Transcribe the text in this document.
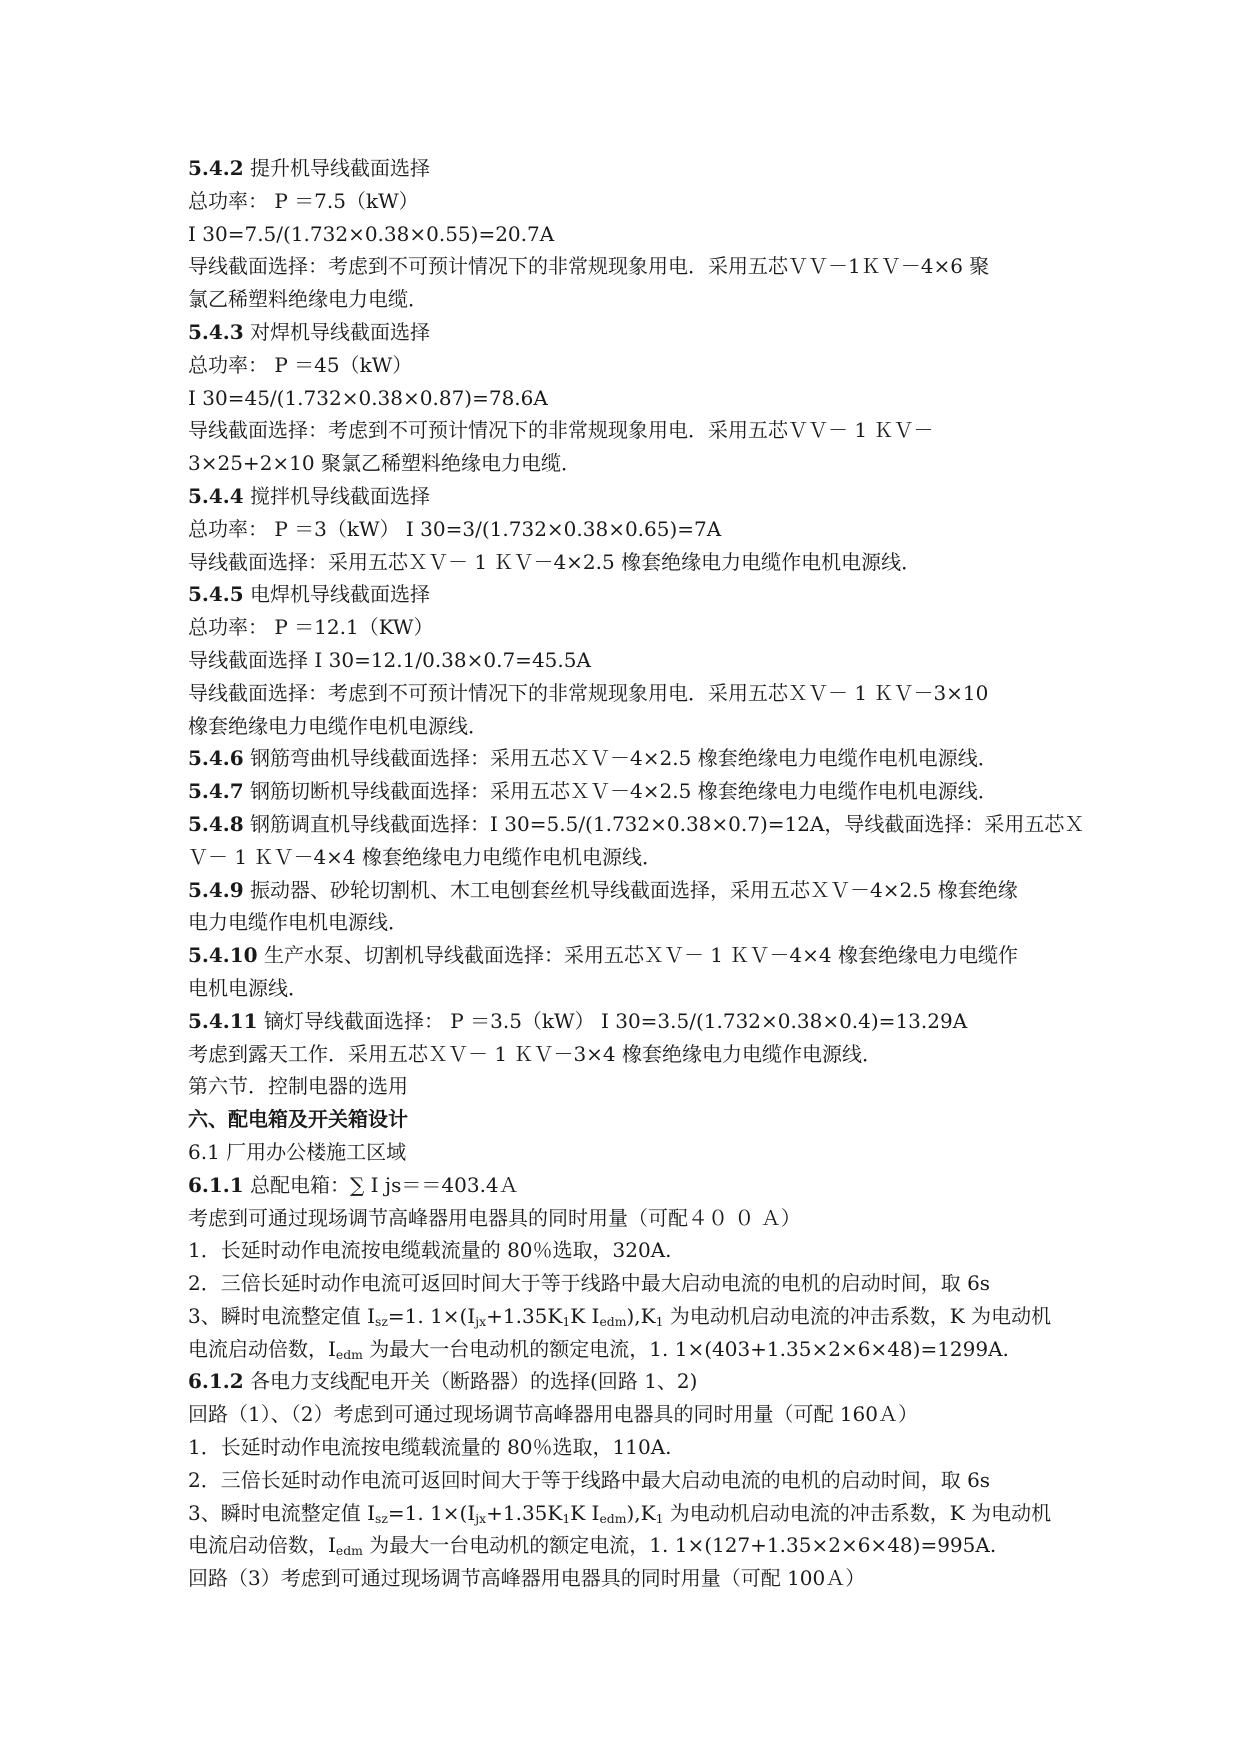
5.4.2 提升机导线截面选择
总功率： P ＝7.5（kW）
I 30=7.5/(1.732×0.38×0.55)=20.7A
导线截面选择：考虑到不可预计情况下的非常规现象用电．采用五芯ＶＶ－1ＫＶ－4×6 聚
氯乙稀塑料绝缘电力电缆．
5.4.3 对焊机导线截面选择
总功率： P ＝45（kW）
I 30=45/(1.732×0.38×0.87)=78.6A
导线截面选择：考虑到不可预计情况下的非常规现象用电．采用五芯ＶＶ－ 1 ＫＶ－
3×25+2×10 聚氯乙稀塑料绝缘电力电缆．
5.4.4 搅拌机导线截面选择
总功率： P ＝3（kW） I 30=3/(1.732×0.38×0.65)=7A
导线截面选择：采用五芯ＸＶ－ 1 ＫＶ－4×2.5 橡套绝缘电力电缆作电机电源线．
5.4.5 电焊机导线截面选择
总功率： P ＝12.1（KW）
导线截面选择 I 30=12.1/0.38×0.7=45.5A
导线截面选择：考虑到不可预计情况下的非常规现象用电．采用五芯ＸＶ－ 1 ＫＶ－3×10
橡套绝缘电力电缆作电机电源线．
5.4.6 钢筋弯曲机导线截面选择：采用五芯ＸＶ－4×2.5 橡套绝缘电力电缆作电机电源线．
5.4.7 钢筋切断机导线截面选择：采用五芯ＸＶ－4×2.5 橡套绝缘电力电缆作电机电源线．
5.4.8 钢筋调直机导线截面选择：I 30=5.5/(1.732×0.38×0.7)=12A，导线截面选择：采用五芯Ｘ
Ｖ－ 1 ＫＶ－4×4 橡套绝缘电力电缆作电机电源线．
5.4.9 振动器、砂轮切割机、木工电刨套丝机导线截面选择，采用五芯ＸＶ－4×2.5 橡套绝缘
电力电缆作电机电源线．
5.4.10 生产水泵、切割机导线截面选择：采用五芯ＸＶ－ 1 ＫＶ－4×4 橡套绝缘电力电缆作
电机电源线．
5.4.11 镝灯导线截面选择： P ＝3.5（kW） I 30=3.5/(1.732×0.38×0.4)=13.29A
考虑到露天工作．采用五芯ＸＶ－ 1 ＫＶ－3×4 橡套绝缘电力电缆作电源线．
第六节．控制电器的选用
六、配电箱及开关箱设计
6.1 厂用办公楼施工区域
6.1.1 总配电箱：∑ I js＝＝403.4Ａ
考虑到可通过现场调节高峰器用电器具的同时用量（可配４０ ０ Ａ）
1．长延时动作电流按电缆载流量的 80％选取，320A.
2．三倍长延时动作电流可返回时间大于等于线路中最大启动电流的电机的启动时间，取 6s
3、瞬时电流整定值 $I_{sz}=1$. $1\times(I_{jx}+1.35K_1K$ $I_{edm}),K_1$ 为电动机启动电流的冲击系数，K 为电动机
电流启动倍数，$I_{edm}$ 为最大一台电动机的额定电流，1. 1×(403+1.35×2×6×48)=1299A.
6.1.2 各电力支线配电开关（断路器）的选择(回路 1、2)
回路（1）、（2）考虑到可通过现场调节高峰器用电器具的同时用量（可配 160Ａ）
1．长延时动作电流按电缆载流量的 80％选取，110A.
2．三倍长延时动作电流可返回时间大于等于线路中最大启动电流的电机的启动时间，取 6s
3、瞬时电流整定值 $I_{sz}=1$. $1\times(I_{jx}+1.35K_1K$ $I_{edm}),K_1$ 为电动机启动电流的冲击系数，K 为电动机
电流启动倍数，$I_{edm}$ 为最大一台电动机的额定电流，1. 1×(127+1.35×2×6×48)=995A.
回路（3）考虑到可通过现场调节高峰器用电器具的同时用量（可配 100Ａ）
